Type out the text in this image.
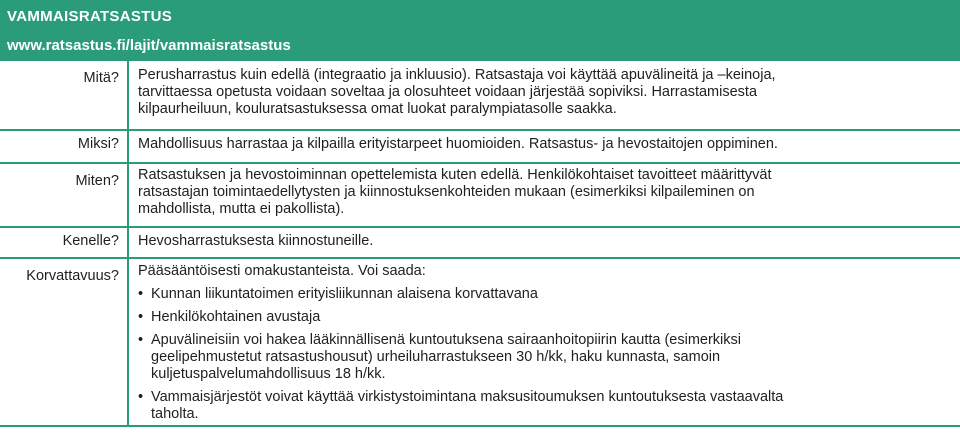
VAMMAISRATSASTUS
www.ratsastus.fi/lajit/vammaisratsastus
Mitä? Perusharrastus kuin edellä (integraatio ja inkluusio). Ratsastaja voi käyttää apuvälineitä ja –keinoja,
tarvittaessa opetusta voidaan soveltaa ja olosuhteet voidaan järjestää sopiviksi. Harrastamisesta
kilpaurheiluun, kouluratsastuksessa omat luokat paralympiatasolle saakka.
Miksi? Mahdollisuus harrastaa ja kilpailla erityistarpeet huomioiden. Ratsastus- ja hevostaitojen oppiminen.
Miten? Ratsastuksen ja hevostoiminnan opettelemista kuten edellä. Henkilökohtaiset tavoitteet määrittyvät
ratsastajan toimintaedellytysten ja kiinnostuksenkohteiden mukaan (esimerkiksi kilpaileminen on
mahdollista, mutta ei pakollista).
Kenelle? Hevosharrastuksesta kiinnostuneille.
Korvattavuus? Pääsääntöisesti omakustanteista. Voi saada:
• Kunnan liikuntatoimen erityisliikunnan alaisena korvattavana
• Henkilökohtainen avustaja
• Apuvälineisiin voi hakea lääkinnällisenä kuntoutuksena sairaanhoitopiirin kautta (esimerkiksi
geelipehmustetut ratsastushousut) urheiluharrastukseen 30 h/kk, haku kunnasta, samoin
kuljetuspalvelumahdollisuus 18 h/kk.
• Vammaisjärjestöt voivat käyttää virkistystoimintana maksusitoumuksen kuntoutuksesta vastaavalta
taholta.
